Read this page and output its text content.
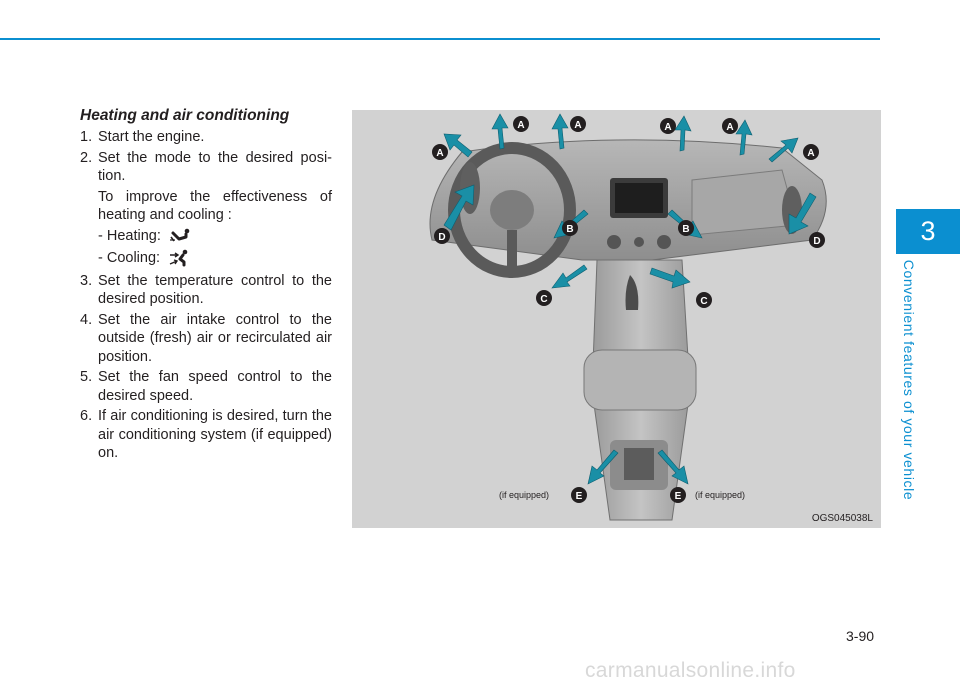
3
Convenient features of your vehicle
Heating and air conditioning
1. Start the engine.
2. Set the mode to the desired posi-tion.
To improve the effectiveness of heating and cooling :
- Heating:
- Cooling:
3. Set the temperature control to the desired position.
4. Set the air intake control to the outside (fresh) air or recirculated air position.
5. Set the fan speed control to the desired speed.
6. If air conditioning is desired, turn the air conditioning system (if equipped) on.
A
A	A	A	A
A
B	B
C	C
D	D
E	E
(if equipped)	(if equipped)
OGS045038L
3-90
carmanualsonline.info
